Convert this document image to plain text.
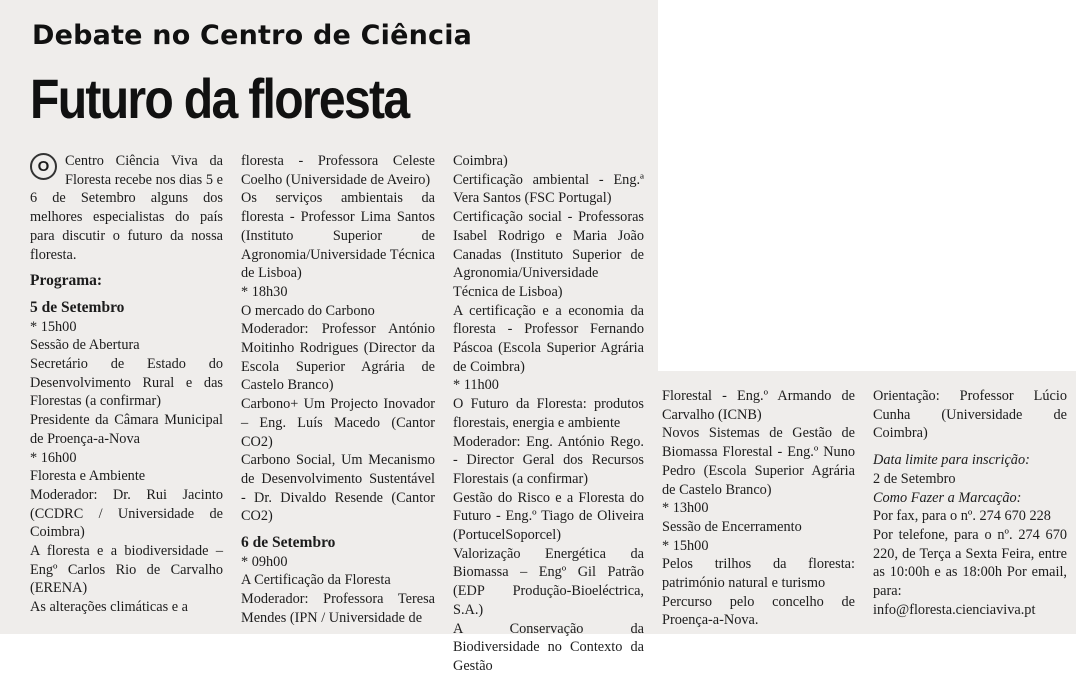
Debate no Centro de Ciência
Futuro da floresta
O	Centro Ciência Viva da Floresta recebe nos dias 5 e 6 de Setembro alguns dos melhores especialistas do país para discutir o futuro da nossa floresta.

Programa:

5 de Setembro

* 15h00

Sessão de Abertura

Secretário de Estado do Desenvolvimento Rural e das Florestas (a confirmar)

Presidente da Câmara Municipal de Proença-a-Nova

* 16h00

Floresta e Ambiente

Moderador: Dr. Rui Jacinto (CCDRC / Universidade de Coimbra)

A floresta e a biodiversidade – Engº Carlos Rio de Carvalho (ERENA)

As alterações climáticas e a

floresta - Professora Celeste Coelho (Universidade de Aveiro)

Os serviços ambientais da floresta - Professor Lima Santos (Instituto Superior de Agronomia/Universidade Técnica de Lisboa)

* 18h30

O mercado do Carbono

Moderador: Professor António Moitinho Rodrigues (Director da Escola Superior Agrária de Castelo Branco)

Carbono+ Um Projecto Inovador – Eng. Luís Macedo (Cantor CO2)

Carbono Social, Um Mecanismo de Desenvolvimento Sustentável - Dr. Divaldo Resende (Cantor CO2)

6 de Setembro

* 09h00

A Certificação da Floresta

Moderador: Professora Teresa Mendes (IPN / Universidade de

Coimbra)

Certificação ambiental - Eng.ª Vera Santos (FSC Portugal)

Certificação social - Professoras Isabel Rodrigo e Maria João Canadas (Instituto Superior de Agronomia/Universidade Técnica de Lisboa)

A certificação e a economia da floresta - Professor Fernando Páscoa (Escola Superior Agrária de Coimbra)

* 11h00

O Futuro da Floresta: produtos florestais, energia e ambiente

Moderador: Eng. António Rego. - Director Geral dos Recursos Florestais (a confirmar)

Gestão do Risco e a Floresta do Futuro - Eng.º Tiago de Oliveira (PortucelSoporcel)

Valorização Energética da Biomassa – Engº Gil Patrão (EDP Produção-Bioeléctrica, S.A.)

A Conservação da Biodiversidade no Contexto da Gestão

Florestal - Eng.º Armando de Carvalho (ICNB)

Novos Sistemas de Gestão de Biomassa Florestal - Eng.º Nuno Pedro (Escola Superior Agrária de Castelo Branco)

* 13h00

Sessão de Encerramento

* 15h00

Pelos trilhos da floresta: património natural e turismo

Percurso pelo concelho de Proença-a-Nova.

Orientação: Professor Lúcio Cunha (Universidade de Coimbra)

Data limite para inscrição:

2 de Setembro

Como Fazer a Marcação:

Por fax, para o nº. 274 670 228

Por telefone, para o nº. 274 670 220, de Terça a Sexta Feira, entre as 10:00h e as 18:00h Por email, para:

info@floresta.cienciaviva.pt
